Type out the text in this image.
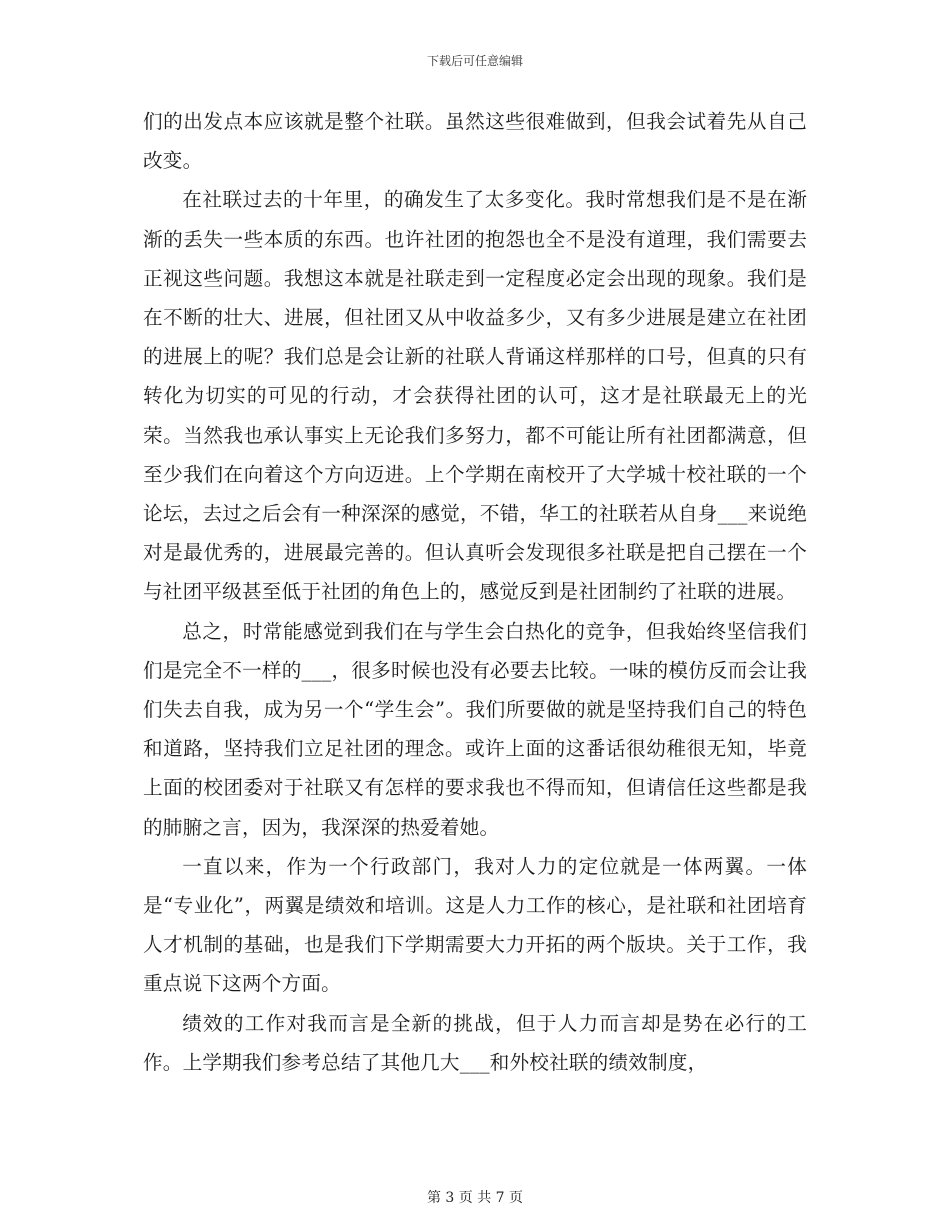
下载后可任意编辑

们的出发点本应该就是整个社联。虽然这些很难做到，但我会试着先从自己改变。

在社联过去的十年里，的确发生了太多变化。我时常想我们是不是在渐渐的丢失一些本质的东西。也许社团的抱怨也全不是没有道理，我们需要去正视这些问题。我想这本就是社联走到一定程度必定会出现的现象。我们是在不断的壮大、进展，但社团又从中收益多少，又有多少进展是建立在社团的进展上的呢？我们总是会让新的社联人背诵这样那样的口号，但真的只有转化为切实的可见的行动，才会获得社团的认可，这才是社联最无上的光荣。当然我也承认事实上无论我们多努力，都不可能让所有社团都满意，但至少我们在向着这个方向迈进。上个学期在南校开了大学城十校社联的一个论坛，去过之后会有一种深深的感觉，不错，华工的社联若从自身___来说绝对是最优秀的，进展最完善的。但认真听会发现很多社联是把自己摆在一个与社团平级甚至低于社团的角色上的，感觉反到是社团制约了社联的进展。

总之，时常能感觉到我们在与学生会白热化的竞争，但我始终坚信我们们是完全不一样的___，很多时候也没有必要去比较。一味的模仿反而会让我们失去自我，成为另一个“学生会”。我们所要做的就是坚持我们自己的特色和道路，坚持我们立足社团的理念。或许上面的这番话很幼稚很无知，毕竟上面的校团委对于社联又有怎样的要求我也不得而知，但请信任这些都是我的肺腑之言，因为，我深深的热爱着她。

一直以来，作为一个行政部门，我对人力的定位就是一体两翼。一体是“专业化”，两翼是绩效和培训。这是人力工作的核心，是社联和社团培育人才机制的基础，也是我们下学期需要大力开拓的两个版块。关于工作，我重点说下这两个方面。

绩效的工作对我而言是全新的挑战，但于人力而言却是势在必行的工作。上学期我们参考总结了其他几大___和外校社联的绩效制度，

第 3 页 共 7 页
